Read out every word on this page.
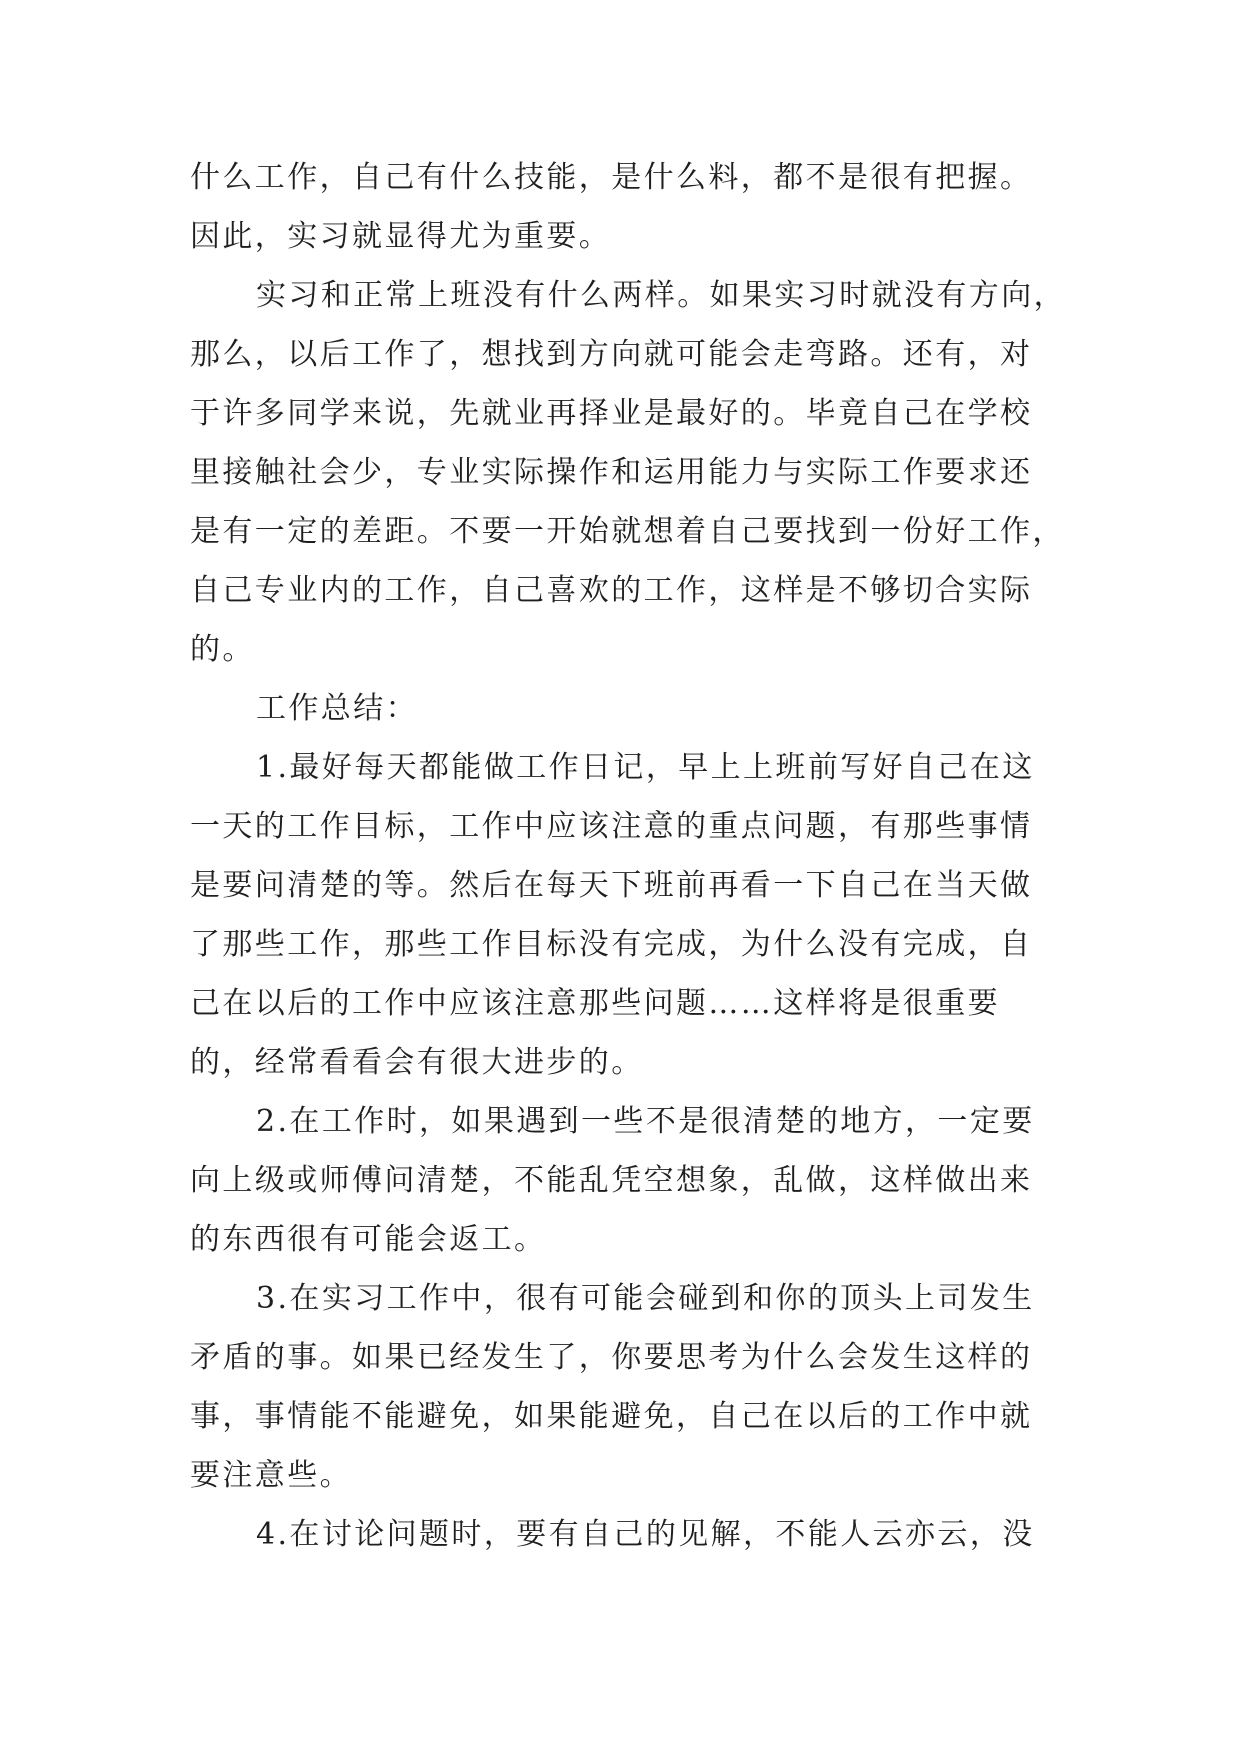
什么工作，自己有什么技能，是什么料，都不是很有把握。
因此，实习就显得尤为重要。
实习和正常上班没有什么两样。如果实习时就没有方向，
那么，以后工作了，想找到方向就可能会走弯路。还有，对
于许多同学来说，先就业再择业是最好的。毕竟自己在学校
里接触社会少，专业实际操作和运用能力与实际工作要求还
是有一定的差距。不要一开始就想着自己要找到一份好工作，
自己专业内的工作，自己喜欢的工作，这样是不够切合实际
的。
工作总结：
1.最好每天都能做工作日记，早上上班前写好自己在这
一天的工作目标，工作中应该注意的重点问题，有那些事情
是要问清楚的等。然后在每天下班前再看一下自己在当天做
了那些工作，那些工作目标没有完成，为什么没有完成，自
己在以后的工作中应该注意那些问题……这样将是很重要
的，经常看看会有很大进步的。
2.在工作时，如果遇到一些不是很清楚的地方，一定要
向上级或师傅问清楚，不能乱凭空想象，乱做，这样做出来
的东西很有可能会返工。
3.在实习工作中，很有可能会碰到和你的顶头上司发生
矛盾的事。如果已经发生了，你要思考为什么会发生这样的
事，事情能不能避免，如果能避免，自己在以后的工作中就
要注意些。
4.在讨论问题时，要有自己的见解，不能人云亦云，没
